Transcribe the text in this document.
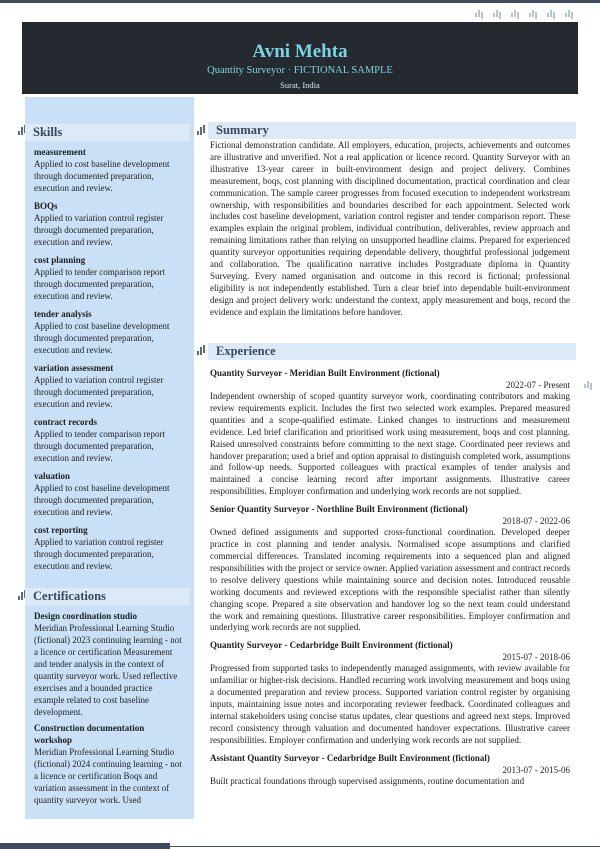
Avni Mehta
Quantity Surveyor · FICTIONAL SAMPLE
Surat, India
Skills
measurement
Applied to cost baseline development through documented preparation, execution and review.
BOQs
Applied to variation control register through documented preparation, execution and review.
cost planning
Applied to tender comparison report through documented preparation, execution and review.
tender analysis
Applied to cost baseline development through documented preparation, execution and review.
variation assessment
Applied to variation control register through documented preparation, execution and review.
contract records
Applied to tender comparison report through documented preparation, execution and review.
valuation
Applied to cost baseline development through documented preparation, execution and review.
cost reporting
Applied to variation control register through documented preparation, execution and review.
Certifications
Design coordination studio
Meridian Professional Learning Studio (fictional) 2023 continuing learning - not a licence or certification Measurement and tender analysis in the context of quantity surveyor work. Used reflective exercises and a bounded practice example related to cost baseline development.
Construction documentation workshop
Meridian Professional Learning Studio (fictional) 2024 continuing learning - not a licence or certification Boqs and variation assessment in the context of quantity surveyor work. Used
Summary
Fictional demonstration candidate. All employers, education, projects, achievements and outcomes are illustrative and unverified. Not a real application or licence record. Quantity Surveyor with an illustrative 13-year career in built-environment design and project delivery. Combines measurement, boqs, cost planning with disciplined documentation, practical coordination and clear communication. The sample career progresses from focused execution to independent workstream ownership, with responsibilities and boundaries described for each appointment. Selected work includes cost baseline development, variation control register and tender comparison report. These examples explain the original problem, individual contribution, deliverables, review approach and remaining limitations rather than relying on unsupported headline claims. Prepared for experienced quantity surveyor opportunities requiring dependable delivery, thoughtful professional judgement and collaboration. The qualification narrative includes Postgraduate diploma in Quantity Surveying. Every named organisation and outcome in this record is fictional; professional eligibility is not independently established. Turn a clear brief into dependable built-environment design and project delivery work: understand the context, apply measurement and boqs, record the evidence and explain the limitations before handover.
Experience
Quantity Surveyor - Meridian Built Environment (fictional)
2022-07 - Present
Independent ownership of scoped quantity surveyor work, coordinating contributors and making review requirements explicit. Includes the first two selected work examples. Prepared measured quantities and a scope-qualified estimate. Linked changes to instructions and measurement evidence. Led brief clarification and prioritised work using measurement, boqs and cost planning. Raised unresolved constraints before committing to the next stage. Coordinated peer reviews and handover preparation; used a brief and option appraisal to distinguish completed work, assumptions and follow-up needs. Supported colleagues with practical examples of tender analysis and maintained a concise learning record after important assignments. Illustrative career responsibilities. Employer confirmation and underlying work records are not supplied.
Senior Quantity Surveyor - Northline Built Environment (fictional)
2018-07 - 2022-06
Owned defined assignments and supported cross-functional coordination. Developed deeper practice in cost planning and tender analysis. Normalised scope assumptions and clarified commercial differences. Translated incoming requirements into a sequenced plan and aligned responsibilities with the project or service owner. Applied variation assessment and contract records to resolve delivery questions while maintaining source and decision notes. Introduced reusable working documents and reviewed exceptions with the responsible specialist rather than silently changing scope. Prepared a site observation and handover log so the next team could understand the work and remaining questions. Illustrative career responsibilities. Employer confirmation and underlying work records are not supplied.
Quantity Surveyor - Cedarbridge Built Environment (fictional)
2015-07 - 2018-06
Progressed from supported tasks to independently managed assignments, with review available for unfamiliar or higher-risk decisions. Handled recurring work involving measurement and boqs using a documented preparation and review process. Supported variation control register by organising inputs, maintaining issue notes and incorporating reviewer feedback. Coordinated colleagues and internal stakeholders using concise status updates, clear questions and agreed next steps. Improved record consistency through valuation and documented handover expectations. Illustrative career responsibilities. Employer confirmation and underlying work records are not supplied.
Assistant Quantity Surveyor - Cedarbridge Built Environment (fictional)
2013-07 - 2015-06
Built practical foundations through supervised assignments, routine documentation and
